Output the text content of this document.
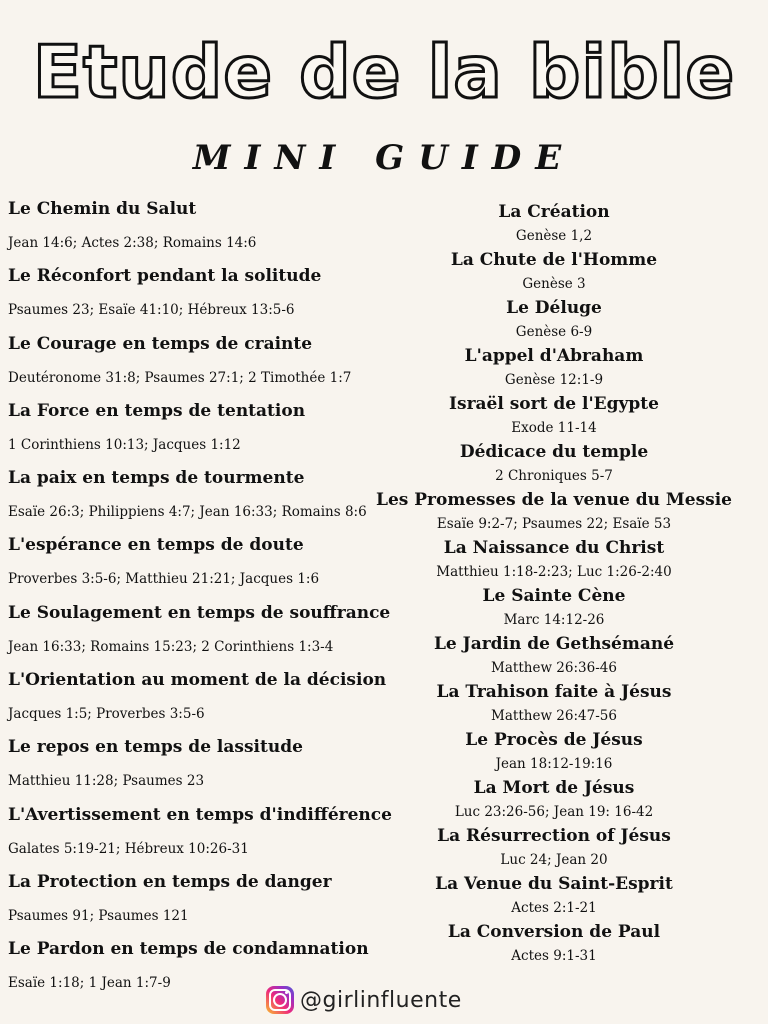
Etude de la bible
MINI GUIDE
Le Chemin du Salut
Jean 14:6; Actes 2:38; Romains 14:6
Le Réconfort pendant la solitude
Psaumes 23; Esaïe 41:10; Hébreux 13:5-6
Le Courage en temps de crainte
Deutéronome 31:8; Psaumes 27:1; 2 Timothée 1:7
La Force en temps de tentation
1 Corinthiens 10:13; Jacques 1:12
La paix en temps de tourmente
Esaïe 26:3; Philippiens 4:7; Jean 16:33; Romains 8:6
L'espérance en temps de doute
Proverbes 3:5-6; Matthieu 21:21; Jacques 1:6
Le Soulagement en temps de souffrance
Jean 16:33; Romains 15:23; 2 Corinthiens 1:3-4
L'Orientation au moment de la décision
Jacques 1:5; Proverbes 3:5-6
Le repos en temps de lassitude
Matthieu 11:28; Psaumes 23
L'Avertissement en temps d'indifférence
Galates 5:19-21; Hébreux 10:26-31
La Protection en temps de danger
Psaumes 91; Psaumes 121
Le Pardon en temps de condamnation
Esaïe 1:18; 1 Jean 1:7-9
La Création
Genèse 1,2
La Chute de l'Homme
Genèse 3
Le Déluge
Genèse 6-9
L'appel d'Abraham
Genèse 12:1-9
Israël sort de l'Egypte
Exode 11-14
Dédicace du temple
2 Chroniques 5-7
Les Promesses de la venue du Messie
Esaïe 9:2-7; Psaumes 22; Esaïe 53
La Naissance du Christ
Matthieu 1:18-2:23; Luc 1:26-2:40
Le Sainte Cène
Marc 14:12-26
Le Jardin de Gethsémané
Matthew 26:36-46
La Trahison faite à Jésus
Matthew 26:47-56
Le Procès de Jésus
Jean 18:12-19:16
La Mort de Jésus
Luc 23:26-56; Jean 19: 16-42
La Résurrection of Jésus
Luc 24; Jean 20
La Venue du Saint-Esprit
Actes 2:1-21
La Conversion de Paul
Actes 9:1-31
@girlinfluente
